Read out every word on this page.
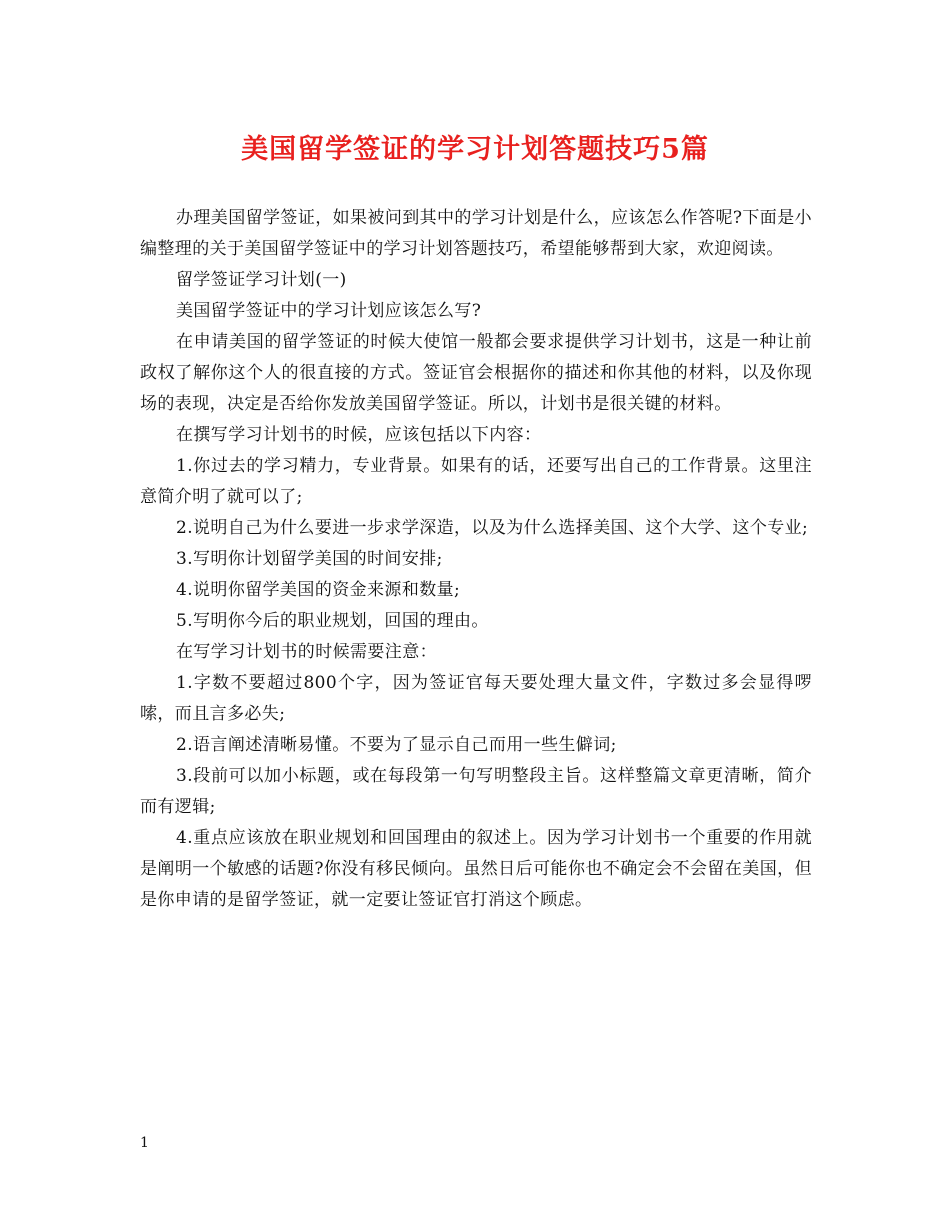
美国留学签证的学习计划答题技巧5篇

办理美国留学签证，如果被问到其中的学习计划是什么，应该怎么作答呢?下面是小编整理的关于美国留学签证中的学习计划答题技巧，希望能够帮到大家，欢迎阅读。

留学签证学习计划(一)

美国留学签证中的学习计划应该怎么写?

在申请美国的留学签证的时候大使馆一般都会要求提供学习计划书，这是一种让前政权了解你这个人的很直接的方式。签证官会根据你的描述和你其他的材料，以及你现场的表现，决定是否给你发放美国留学签证。所以，计划书是很关键的材料。

在撰写学习计划书的时候，应该包括以下内容：

1.你过去的学习精力，专业背景。如果有的话，还要写出自己的工作背景。这里注意简介明了就可以了;

2.说明自己为什么要进一步求学深造，以及为什么选择美国、这个大学、这个专业;

3.写明你计划留学美国的时间安排;

4.说明你留学美国的资金来源和数量;

5.写明你今后的职业规划，回国的理由。

在写学习计划书的时候需要注意：

1.字数不要超过800个字，因为签证官每天要处理大量文件，字数过多会显得啰嗦，而且言多必失;

2.语言阐述清晰易懂。不要为了显示自己而用一些生僻词;

3.段前可以加小标题，或在每段第一句写明整段主旨。这样整篇文章更清晰，简介而有逻辑;

4.重点应该放在职业规划和回国理由的叙述上。因为学习计划书一个重要的作用就是阐明一个敏感的话题?你没有移民倾向。虽然日后可能你也不确定会不会留在美国，但是你申请的是留学签证，就一定要让签证官打消这个顾虑。

1
